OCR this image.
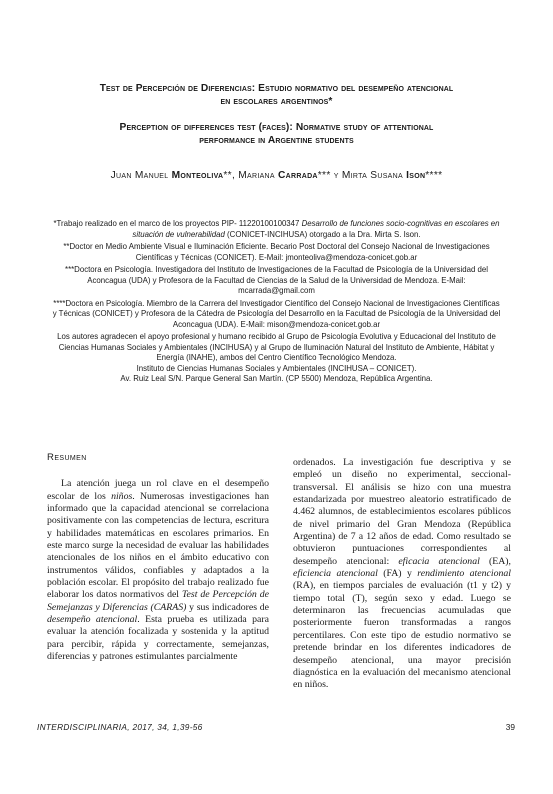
Test de Percepción de Diferencias: Estudio normativo del desempeño atencional
en escolares argentinos*
Perception of differences test (faces): Normative study of attentional
performance in Argentine students
Juan Manuel Monteoliva**, Mariana Carrada*** y Mirta Susana Ison****

*Trabajo realizado en el marco de los proyectos PIP- 11220100100347 Desarrollo de funciones socio-cognitivas en escolares en situación de vulnerabilidad (CONICET-INCIHUSA) otorgado a la Dra. Mirta S. Ison.

**Doctor en Medio Ambiente Visual e Iluminación Eficiente. Becario Post Doctoral del Consejo Nacional de Investigaciones Científicas y Técnicas (CONICET). E-Mail: jmonteoliva@mendoza-conicet.gob.ar

***Doctora en Psicología. Investigadora del Instituto de Investigaciones de la Facultad de Psicología de la Universidad del Aconcagua (UDA) y Profesora de la Facultad de Ciencias de la Salud de la Universidad de Mendoza. E-Mail: mcarrada@gmail.com

****Doctora en Psicología. Miembro de la Carrera del Investigador Científico del Consejo Nacional de Investigaciones Científicas y Técnicas (CONICET) y Profesora de la Cátedra de Psicología del Desarrollo en la Facultad de Psicología de la Universidad del Aconcagua (UDA). E-Mail: mison@mendoza-conicet.gob.ar

Los autores agradecen el apoyo profesional y humano recibido al Grupo de Psicología Evolutiva y Educacional del Instituto de Ciencias Humanas Sociales y Ambientales (INCIHUSA) y al Grupo de Iluminación Natural del Instituto de Ambiente, Hábitat y Energía (INAHE), ambos del Centro Científico Tecnológico Mendoza.

Instituto de Ciencias Humanas Sociales y Ambientales (INCIHUSA – CONICET).

Av. Ruiz Leal S/N. Parque General San Martín. (CP 5500) Mendoza, República Argentina.

Resumen

La atención juega un rol clave en el desempeño escolar de los niños. Numerosas investigaciones han informado que la capacidad atencional se correlaciona positivamente con las competencias de lectura, escritura y habilidades matemáticas en escolares primarios. En este marco surge la necesidad de evaluar las habilidades atencionales de los niños en el ámbito educativo con instrumentos válidos, confiables y adaptados a la población escolar. El propósito del trabajo realizado fue elaborar los datos normativos del Test de Percepción de Semejanzas y Diferencias (CARAS) y sus indicadores de desempeño atencional. Esta prueba es utilizada para evaluar la atención focalizada y sostenida y la aptitud para percibir, rápida y correctamente, semejanzas, diferencias y patrones estimulantes parcialmente

ordenados. La investigación fue descriptiva y se empleó un diseño no experimental, seccional-transversal. El análisis se hizo con una muestra estandarizada por muestreo aleatorio estratificado de 4.462 alumnos, de establecimientos escolares públicos de nivel primario del Gran Mendoza (República Argentina) de 7 a 12 años de edad. Como resultado se obtuvieron puntuaciones correspondientes al desempeño atencional: eficacia atencional (EA), eficiencia atencional (FA) y rendimiento atencional (RA), en tiempos parciales de evaluación (t1 y t2) y tiempo total (T), según sexo y edad. Luego se determinaron las frecuencias acumuladas que posteriormente fueron transformadas a rangos percentilares. Con este tipo de estudio normativo se pretende brindar en los diferentes indicadores de desempeño atencional, una mayor precisión diagnóstica en la evaluación del mecanismo atencional en niños.

INTERDISCIPLINARIA, 2017, 34, 1,39-56	39
